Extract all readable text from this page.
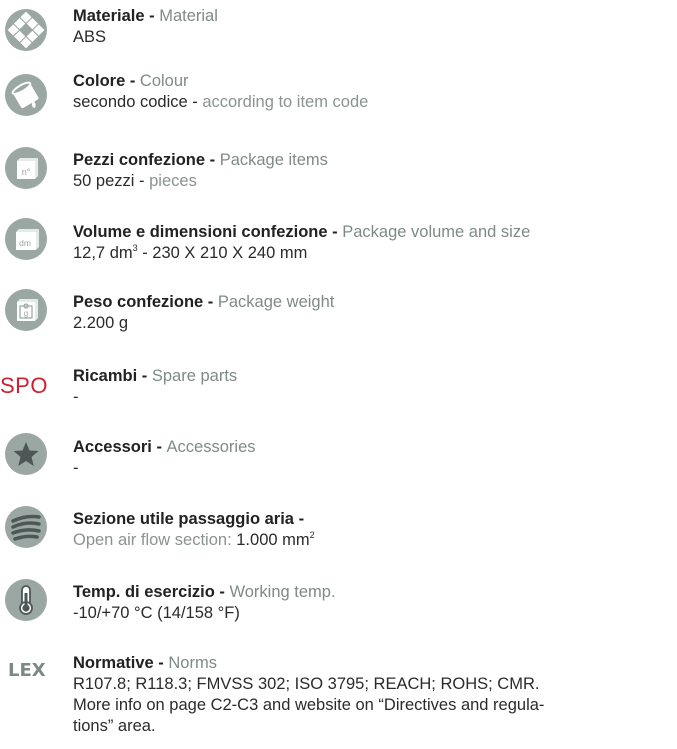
Materiale - Material
ABS
Colore - Colour
secondo codice - according to item code
n°
Pezzi confezione - Package items
50 pezzi - pieces
dm
Volume e dimensioni confezione - Package volume and size
12,7 $dm^3 - 230$ X 210 X 240 mm
g
Peso confezione - Package weight
2.200 g
SPO Ricambi - Spare parts
-
Accessori - Accessories
-
Sezione utile passaggio aria -
Open air flow section: 1.000 $mm^2$
Temp. di esercizio - Working temp.
-10/+70 °C (14/158 °F)
LEX Normative - Norms
R107.8; R118.3; FMVSS 302; ISO 3795; REACH; ROHS; CMR.
More info on page C2-C3 and website on “Directives and regula-
tions” area.
